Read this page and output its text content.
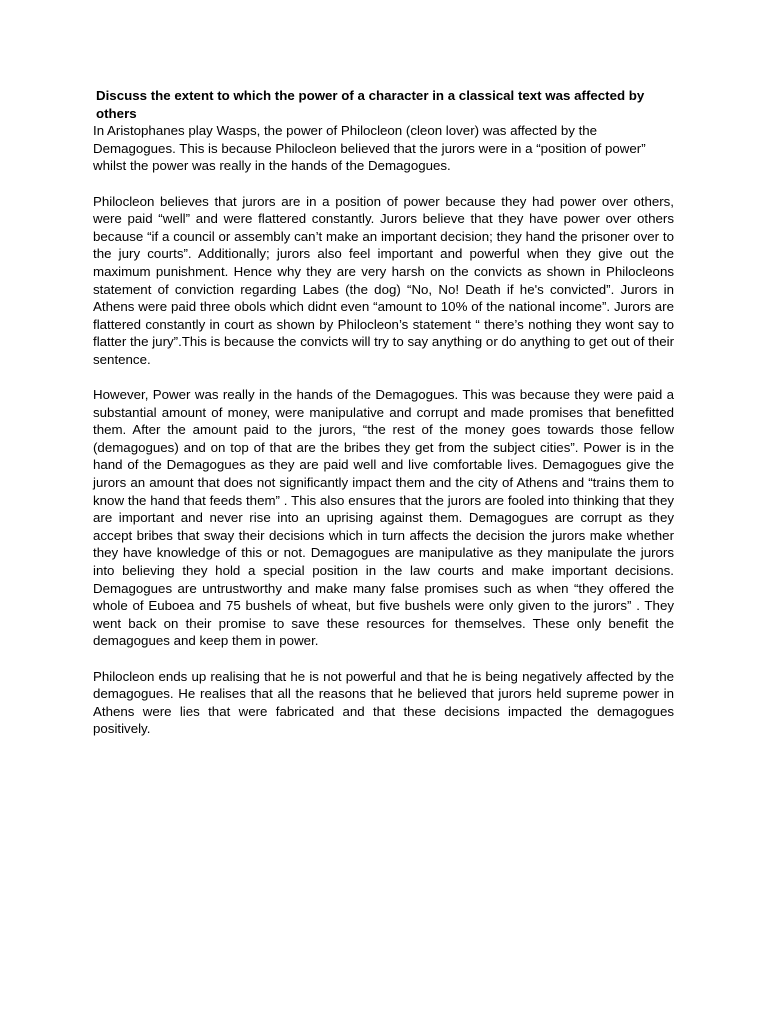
Discuss the extent to which the power of a character in a classical text was affected by others

In Aristophanes play Wasps, the power of Philocleon (cleon lover) was affected by the Demagogues. This is because Philocleon believed that the jurors were in a “position of power” whilst the power was really in the hands of the Demagogues.

Philocleon believes that jurors are in a position of power because they had power over others, were paid “well” and were flattered constantly. Jurors believe that they have power over others because “if a council or assembly can’t make an important decision; they hand the prisoner over to the jury courts”. Additionally; jurors also feel important and powerful when they give out the maximum punishment. Hence why they are very harsh on the convicts as shown in Philocleons statement of conviction regarding Labes (the dog) “No, No! Death if he's convicted”. Jurors in Athens were paid three obols which didnt even “amount to 10% of the national income”. Jurors are flattered constantly in court as shown by Philocleon’s statement “ there’s nothing they wont say to flatter the jury”.This is because the convicts will try to say anything or do anything to get out of their sentence.

However, Power was really in the hands of the Demagogues. This was because they were paid a substantial amount of money, were manipulative and corrupt and made promises that benefitted them. After the amount paid to the jurors, “the rest of the money goes towards those fellow (demagogues) and on top of that are the bribes they get from the subject cities”. Power is in the hand of the Demagogues as they are paid well and live comfortable lives. Demagogues give the jurors an amount that does not significantly impact them and the city of Athens and “trains them to know the hand that feeds them” . This also ensures that the jurors are fooled into thinking that they are important and never rise into an uprising against them. Demagogues are corrupt as they accept bribes that sway their decisions which in turn affects the decision the jurors make whether they have knowledge of this or not. Demagogues are manipulative as they manipulate the jurors into believing they hold a special position in the law courts and make important decisions. Demagogues are untrustworthy and make many false promises such as when “they offered the whole of Euboea and 75 bushels of wheat, but five bushels were only given to the jurors” . They went back on their promise to save these resources for themselves. These only benefit the demagogues and keep them in power.

Philocleon ends up realising that he is not powerful and that he is being negatively affected by the demagogues. He realises that all the reasons that he believed that jurors held supreme power in Athens were lies that were fabricated and that these decisions impacted the demagogues positively.
